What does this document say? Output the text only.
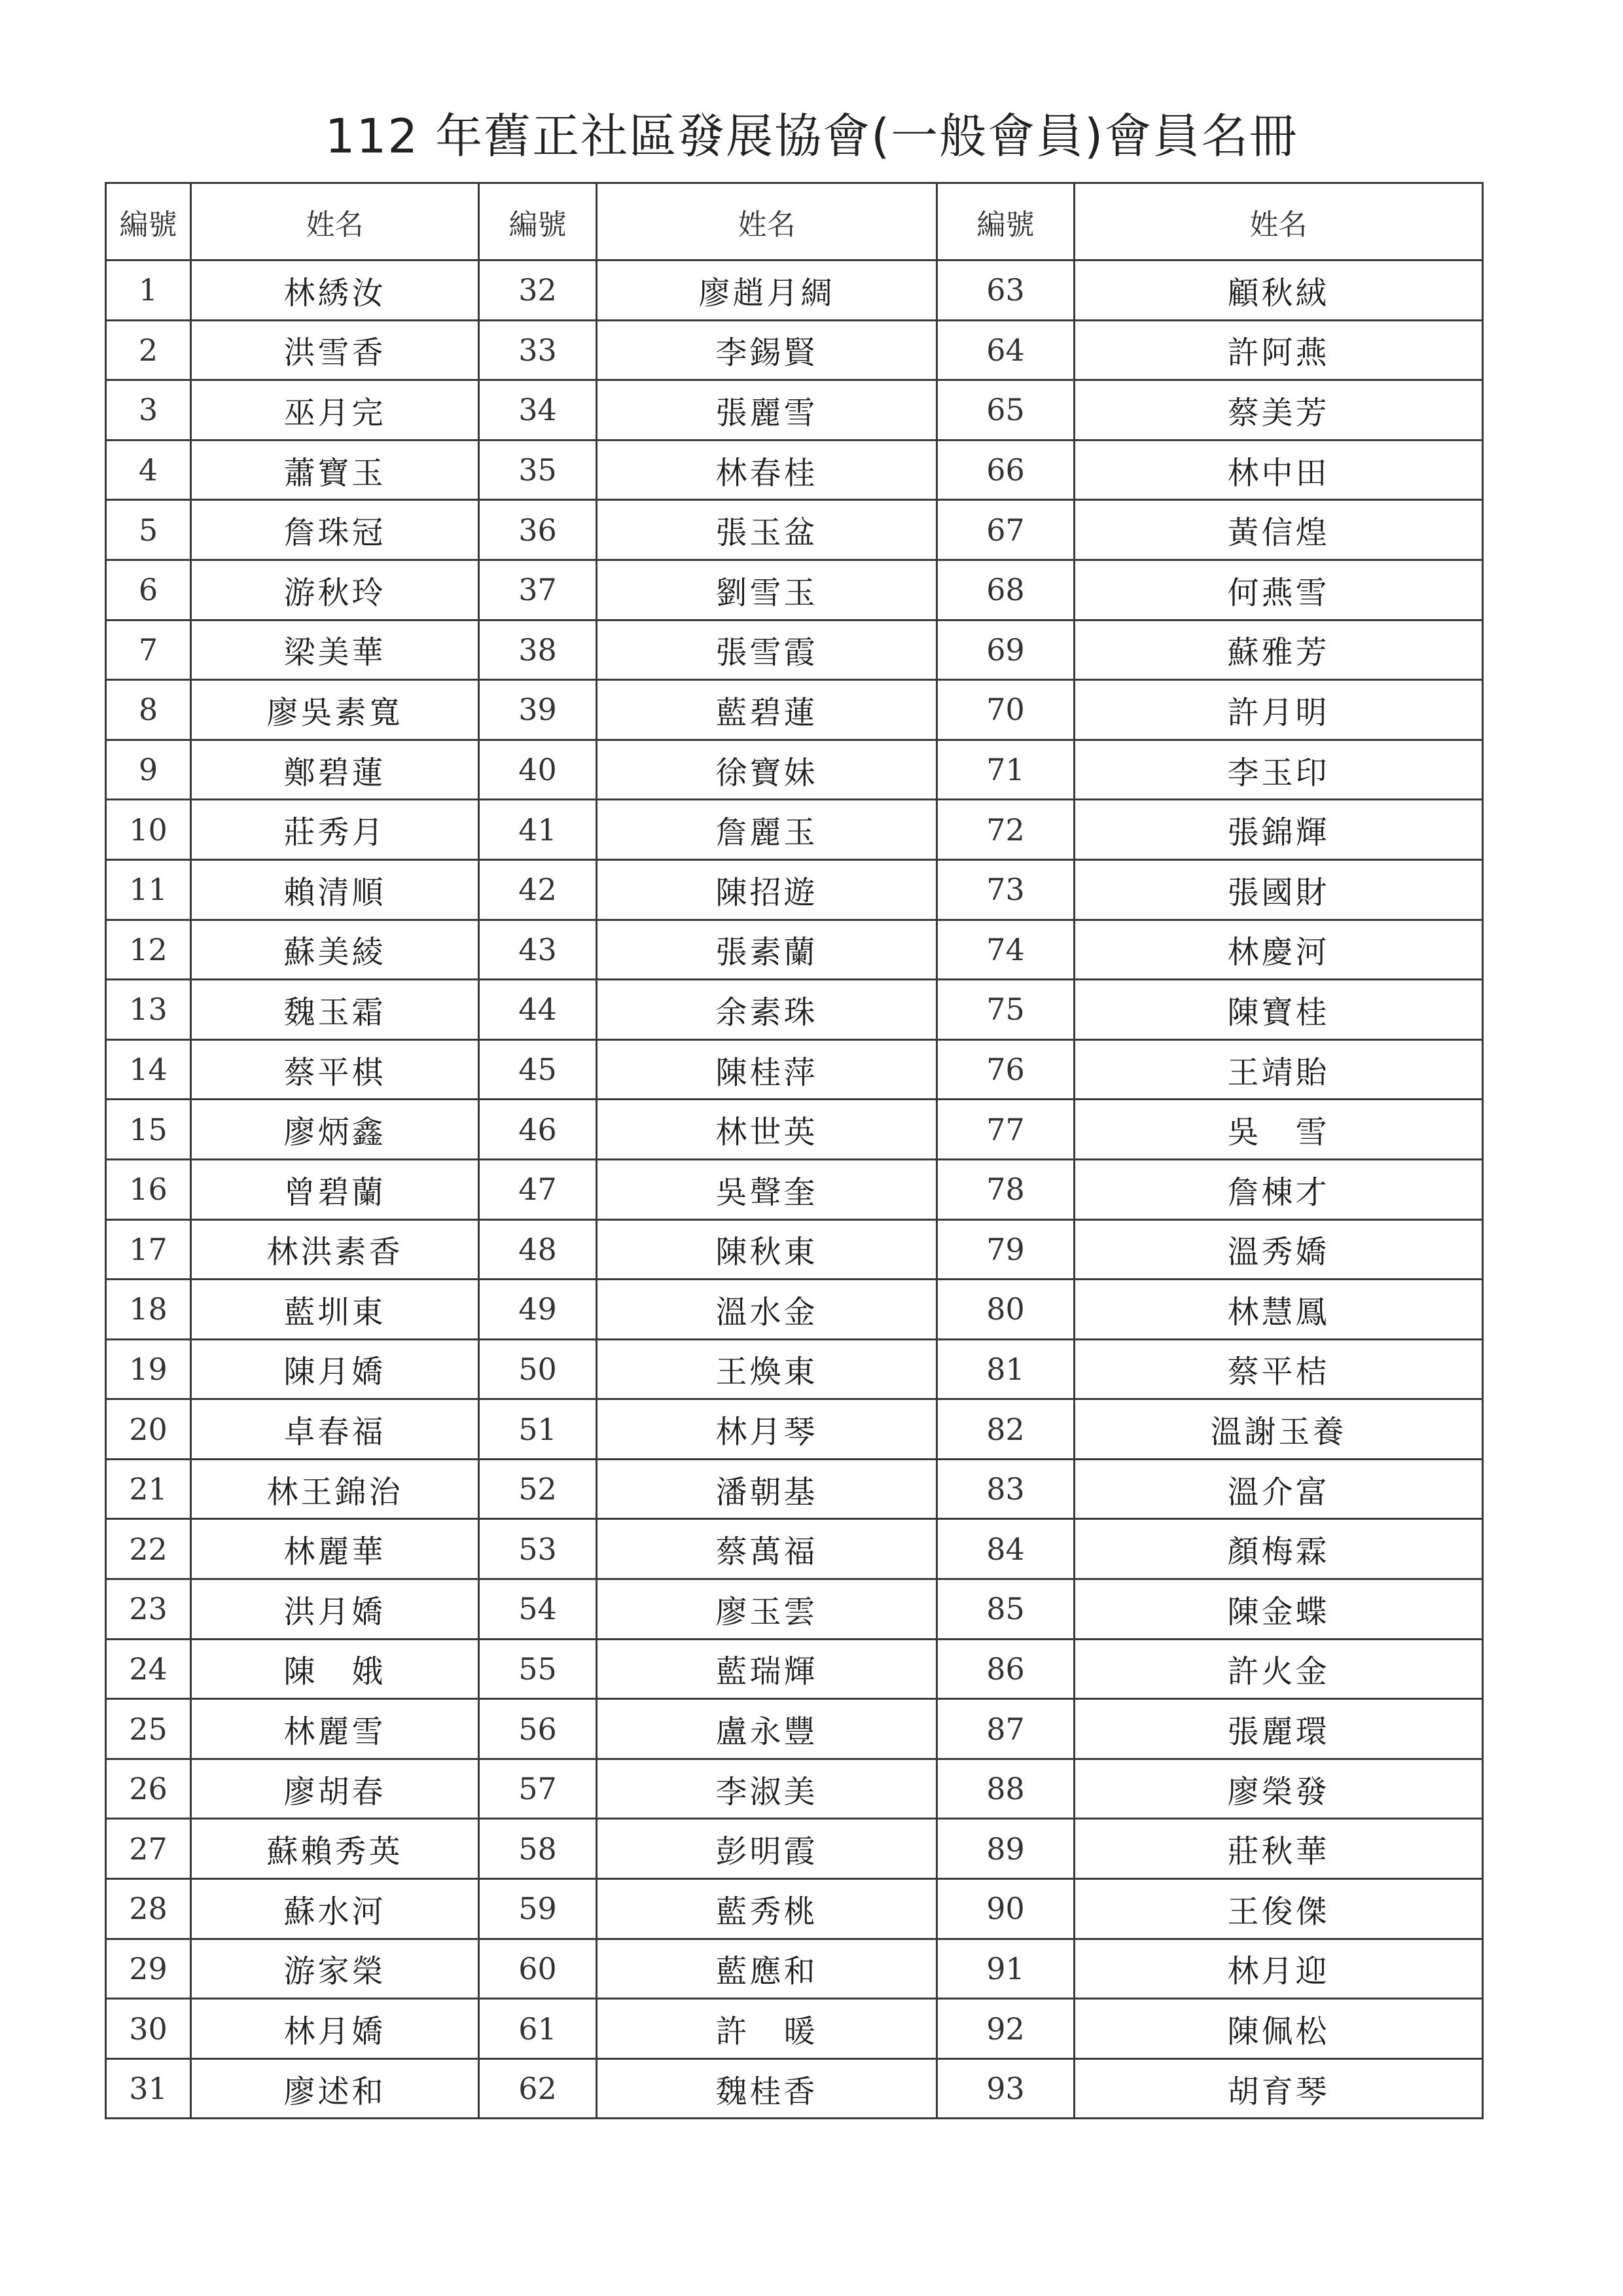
112 年舊正社區發展協會(一般會員)會員名冊
編號	姓名	編號	姓名	編號	姓名
1	林綉汝	32	廖趙月綢	63	顧秋絨
2	洪雪香	33	李錫賢	64	許阿燕
3	巫月完	34	張麗雪	65	蔡美芳
4	蕭寶玉	35	林春桂	66	林中田
5	詹珠冠	36	張玉盆	67	黃信煌
6	游秋玲	37	劉雪玉	68	何燕雪
7	梁美華	38	張雪霞	69	蘇雅芳
8	廖吳素寬	39	藍碧蓮	70	許月明
9	鄭碧蓮	40	徐寶妹	71	李玉印
10	莊秀月	41	詹麗玉	72	張錦輝
11	賴清順	42	陳招遊	73	張國財
12	蘇美綾	43	張素蘭	74	林慶河
13	魏玉霜	44	余素珠	75	陳寶桂
14	蔡平棋	45	陳桂萍	76	王靖貽
15	廖炳鑫	46	林世英	77	吳　雪
16	曾碧蘭	47	吳聲奎	78	詹棟才
17	林洪素香	48	陳秋東	79	溫秀嬌
18	藍圳東	49	溫水金	80	林慧鳳
19	陳月嬌	50	王煥東	81	蔡平桔
20	卓春福	51	林月琴	82	溫謝玉養
21	林王錦治	52	潘朝基	83	溫介富
22	林麗華	53	蔡萬福	84	顏梅霖
23	洪月嬌	54	廖玉雲	85	陳金蝶
24	陳　娥	55	藍瑞輝	86	許火金
25	林麗雪	56	盧永豐	87	張麗環
26	廖胡春	57	李淑美	88	廖榮發
27	蘇賴秀英	58	彭明霞	89	莊秋華
28	蘇水河	59	藍秀桃	90	王俊傑
29	游家榮	60	藍應和	91	林月迎
30	林月嬌	61	許　暖	92	陳佩松
31	廖述和	62	魏桂香	93	胡育琴
